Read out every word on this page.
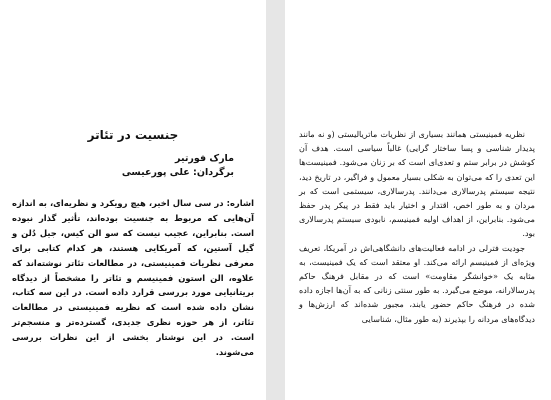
جنسیت در تئاتر
مارک فورتیر
برگردان: علی پورعیسی
اشاره: در سی سال اخیر، هیچ رویکرد و نظریه‌ای، به اندازه آن‌هایی که مربوط به جنسیت بوده‌اند، تأثیر گذار نبوده است. بنابراین، عجیب نیست که سو الن کیس، جیل دُلن و گیل آستین، که آمریکایی هستند، هر کدام کتابی برای معرفی نظریات فمینیستی، در مطالعات تئاتر نوشته‌اند که علاوه، الن استون فمینیسم و تئاتر را مشخصاً از دیدگاه بریتانیایی مورد بررسی قرارد داده است. در این سه کتاب، نشان داده شده است که نظریه فمینیستی در مطالعات تئاتر، از هر حوزه نظری جدیدی، گسترده‌تر و منسجم‌تر است. در این نوشتار بخشی از این نظرات بررسی می‌شوند.

نظریه فمینیستی همانند بسیاری از نظریات ماتریالیستی (و نه مانند پدیدار شناسی و پسا ساختار گرایی) غالباً سیاسی است. هدف آن کوشش در برابر ستم و تعدی‌ای است که بر زنان می‌شود. فمینیست‌ها این تعدی را که می‌توان به شکلی بسیار معمول و فراگیر، در تاریخ دید، نتیجه سیستم پدرسالاری می‌دانند. پدرسالاری، سیستمی است که بر مردان و به طور اخص، اقتدار و اختیار باید فقط در پیکر پدر حفظ می‌شود. بنابراین، از اهداف اولیه فمینیسم، نابودی سیستم پدرسالاری بود.

جودیت فترلی در ادامه فعالیت‌های دانشگاهی‌اش در آمریکا، تعریف ویژه‌ای از فمینیسم ارائه می‌کند. او معتقد است که یک فمینیست، به مثابه یک «خوانشگر مقاومت» است که در مقابل فرهنگ حاکم پدرسالارانه، موضع می‌گیرد. به طور سنتی زنانی که به آن‌ها اجازه داده شده در فرهنگ حاکم حضور یابند، مجبور شده‌اند که ارزش‌ها و دیدگاه‌های مردانه را بپذیرند (به طور مثال، شناسایی
